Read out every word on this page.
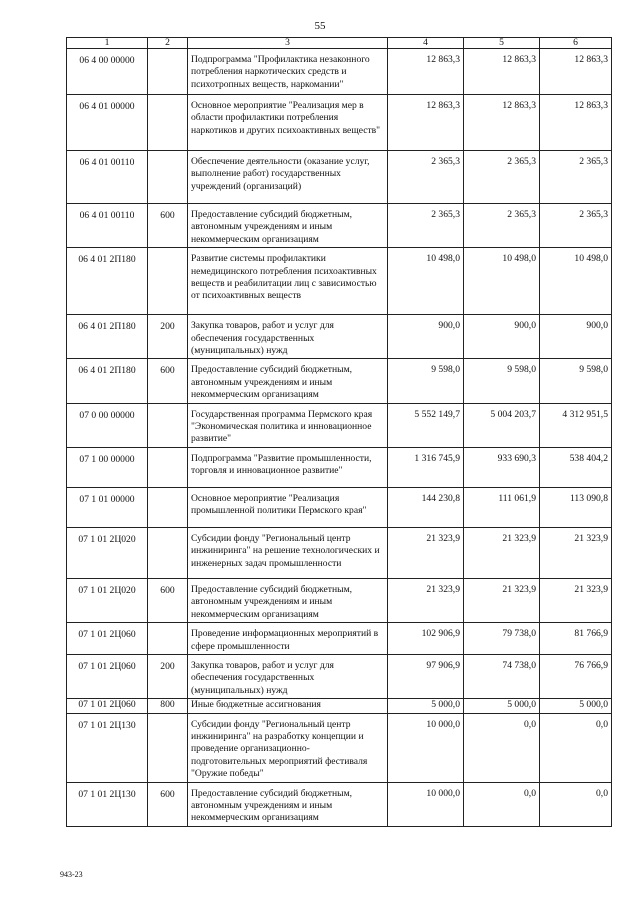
55
1	2	3	4	5	6
06 4 00 00000		Подпрограмма "Профилактика незаконного потребления наркотических средств и психотропных веществ, наркомании"	12 863,3	12 863,3	12 863,3
06 4 01 00000		Основное мероприятие "Реализация мер в области профилактики потребления наркотиков и других психоактивных веществ"	12 863,3	12 863,3	12 863,3
06 4 01 00110		Обеспечение деятельности (оказание услуг, выполнение работ) государственных учреждений (организаций)	2 365,3	2 365,3	2 365,3
06 4 01 00110	600	Предоставление субсидий бюджетным, автономным учреждениям и иным некоммерческим организациям	2 365,3	2 365,3	2 365,3
06 4 01 2П180		Развитие системы профилактики немедицинского потребления психоактивных веществ и реабилитации лиц с зависимостью от психоактивных веществ	10 498,0	10 498,0	10 498,0
06 4 01 2П180	200	Закупка товаров, работ и услуг для обеспечения государственных (муниципальных) нужд	900,0	900,0	900,0
06 4 01 2П180	600	Предоставление субсидий бюджетным, автономным учреждениям и иным некоммерческим организациям	9 598,0	9 598,0	9 598,0
07 0 00 00000		Государственная программа Пермского края "Экономическая политика и инновационное развитие"	5 552 149,7	5 004 203,7	4 312 951,5
07 1 00 00000		Подпрограмма "Развитие промышленности, торговля и инновационное развитие"	1 316 745,9	933 690,3	538 404,2
07 1 01 00000		Основное мероприятие "Реализация промышленной политики Пермского края"	144 230,8	111 061,9	113 090,8
07 1 01 2Ц020		Субсидии фонду "Региональный центр инжиниринга" на решение технологических и инженерных задач промышленности	21 323,9	21 323,9	21 323,9
07 1 01 2Ц020	600	Предоставление субсидий бюджетным, автономным учреждениям и иным некоммерческим организациям	21 323,9	21 323,9	21 323,9
07 1 01 2Ц060		Проведение информационных мероприятий в сфере промышленности	102 906,9	79 738,0	81 766,9
07 1 01 2Ц060	200	Закупка товаров, работ и услуг для обеспечения государственных (муниципальных) нужд	97 906,9	74 738,0	76 766,9
07 1 01 2Ц060	800	Иные бюджетные ассигнования	5 000,0	5 000,0	5 000,0
07 1 01 2Ц130		Субсидии фонду "Региональный центр инжиниринга" на разработку концепции и проведение организационно-подготовительных мероприятий фестиваля "Оружие победы"	10 000,0	0,0	0,0
07 1 01 2Ц130	600	Предоставление субсидий бюджетным, автономным учреждениям и иным некоммерческим организациям	10 000,0	0,0	0,0
943-23
